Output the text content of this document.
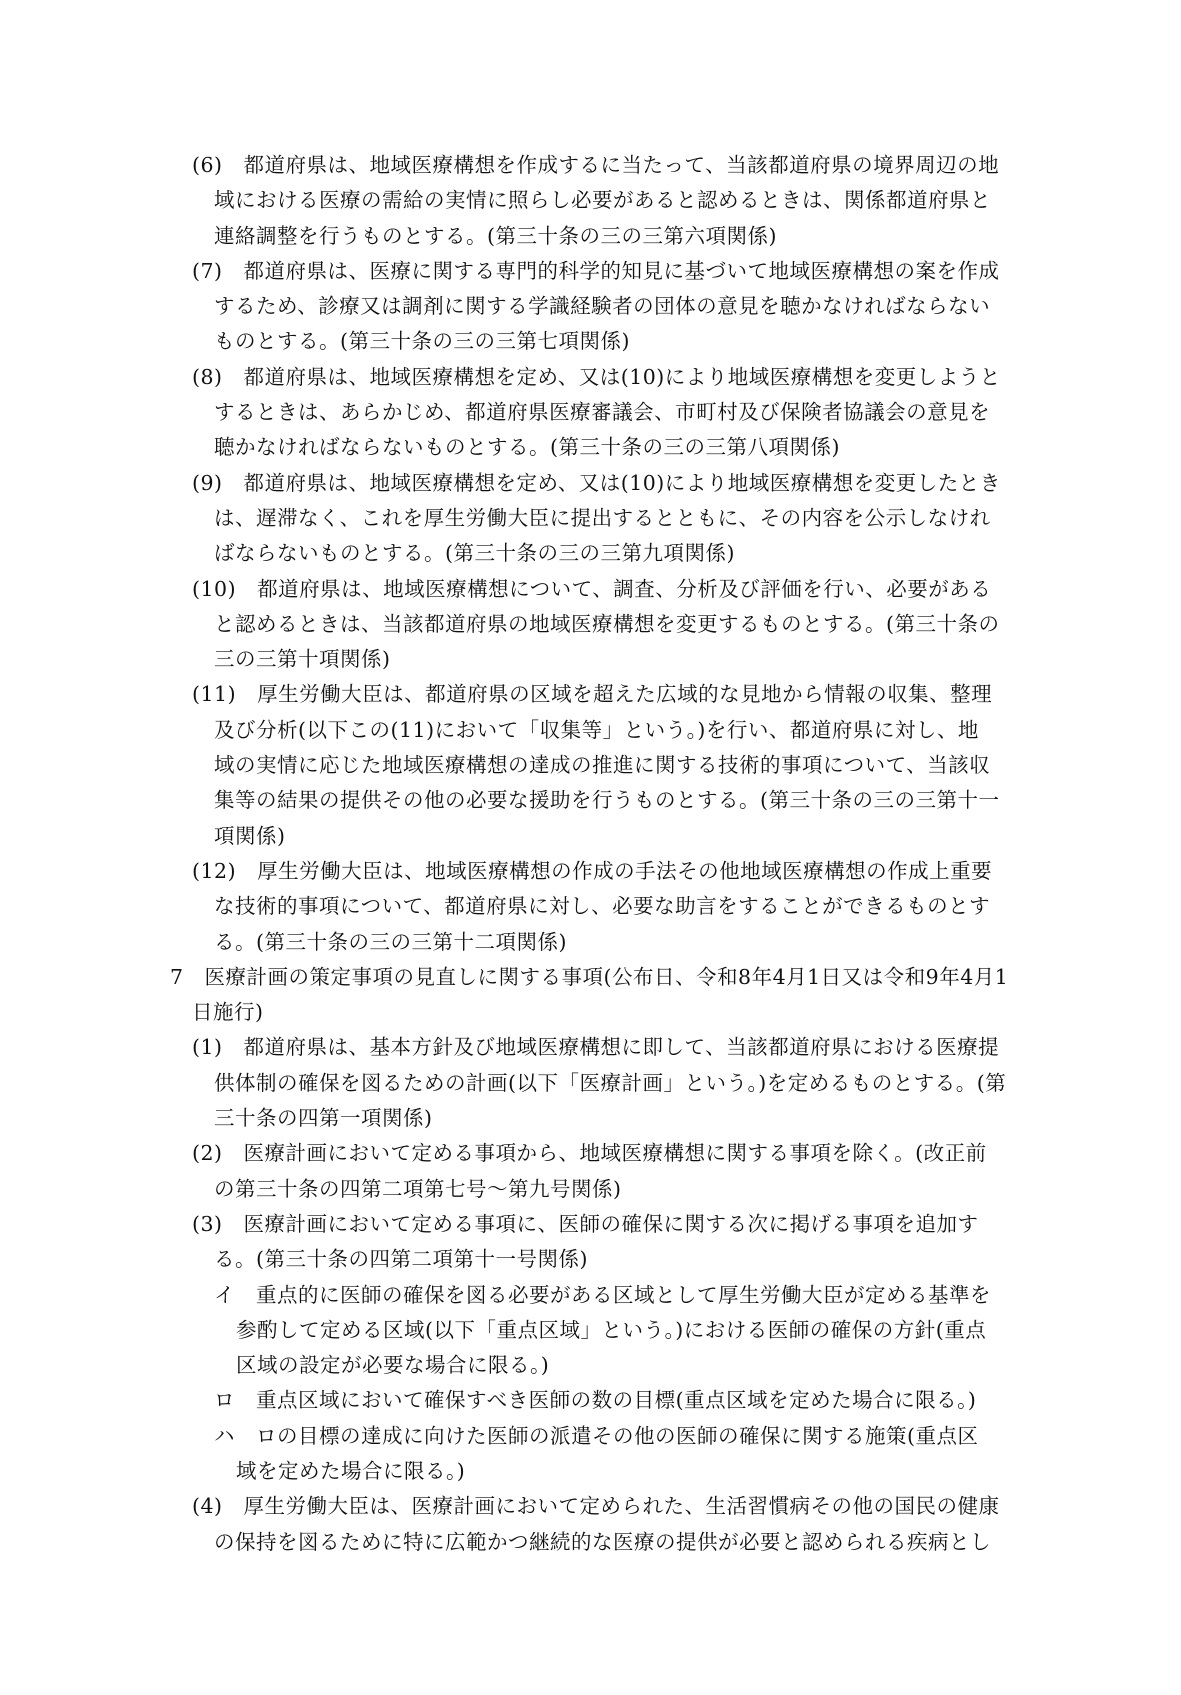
(6)　都道府県は、地域医療構想を作成するに当たって、当該都道府県の境界周辺の地
域における医療の需給の実情に照らし必要があると認めるときは、関係都道府県と
連絡調整を行うものとする。(第三十条の三の三第六項関係)
(7)　都道府県は、医療に関する専門的科学的知見に基づいて地域医療構想の案を作成
するため、診療又は調剤に関する学識経験者の団体の意見を聴かなければならない
ものとする。(第三十条の三の三第七項関係)
(8)　都道府県は、地域医療構想を定め、又は(10)により地域医療構想を変更しようと
するときは、あらかじめ、都道府県医療審議会、市町村及び保険者協議会の意見を
聴かなければならないものとする。(第三十条の三の三第八項関係)
(9)　都道府県は、地域医療構想を定め、又は(10)により地域医療構想を変更したとき
は、遅滞なく、これを厚生労働大臣に提出するとともに、その内容を公示しなけれ
ばならないものとする。(第三十条の三の三第九項関係)
(10)　都道府県は、地域医療構想について、調査、分析及び評価を行い、必要がある
と認めるときは、当該都道府県の地域医療構想を変更するものとする。(第三十条の
三の三第十項関係)
(11)　厚生労働大臣は、都道府県の区域を超えた広域的な見地から情報の収集、整理
及び分析(以下この(11)において「収集等」という。)を行い、都道府県に対し、地
域の実情に応じた地域医療構想の達成の推進に関する技術的事項について、当該収
集等の結果の提供その他の必要な援助を行うものとする。(第三十条の三の三第十一
項関係)
(12)　厚生労働大臣は、地域医療構想の作成の手法その他地域医療構想の作成上重要
な技術的事項について、都道府県に対し、必要な助言をすることができるものとす
る。(第三十条の三の三第十二項関係)
7　医療計画の策定事項の見直しに関する事項(公布日、令和8年4月1日又は令和9年4月1
日施行)
(1)　都道府県は、基本方針及び地域医療構想に即して、当該都道府県における医療提
供体制の確保を図るための計画(以下「医療計画」という。)を定めるものとする。(第
三十条の四第一項関係)
(2)　医療計画において定める事項から、地域医療構想に関する事項を除く。(改正前
の第三十条の四第二項第七号～第九号関係)
(3)　医療計画において定める事項に、医師の確保に関する次に掲げる事項を追加す
る。(第三十条の四第二項第十一号関係)
イ　重点的に医師の確保を図る必要がある区域として厚生労働大臣が定める基準を
参酌して定める区域(以下「重点区域」という。)における医師の確保の方針(重点
区域の設定が必要な場合に限る。)
ロ　重点区域において確保すべき医師の数の目標(重点区域を定めた場合に限る。)
ハ　ロの目標の達成に向けた医師の派遣その他の医師の確保に関する施策(重点区
域を定めた場合に限る。)
(4)　厚生労働大臣は、医療計画において定められた、生活習慣病その他の国民の健康
の保持を図るために特に広範かつ継続的な医療の提供が必要と認められる疾病とし
